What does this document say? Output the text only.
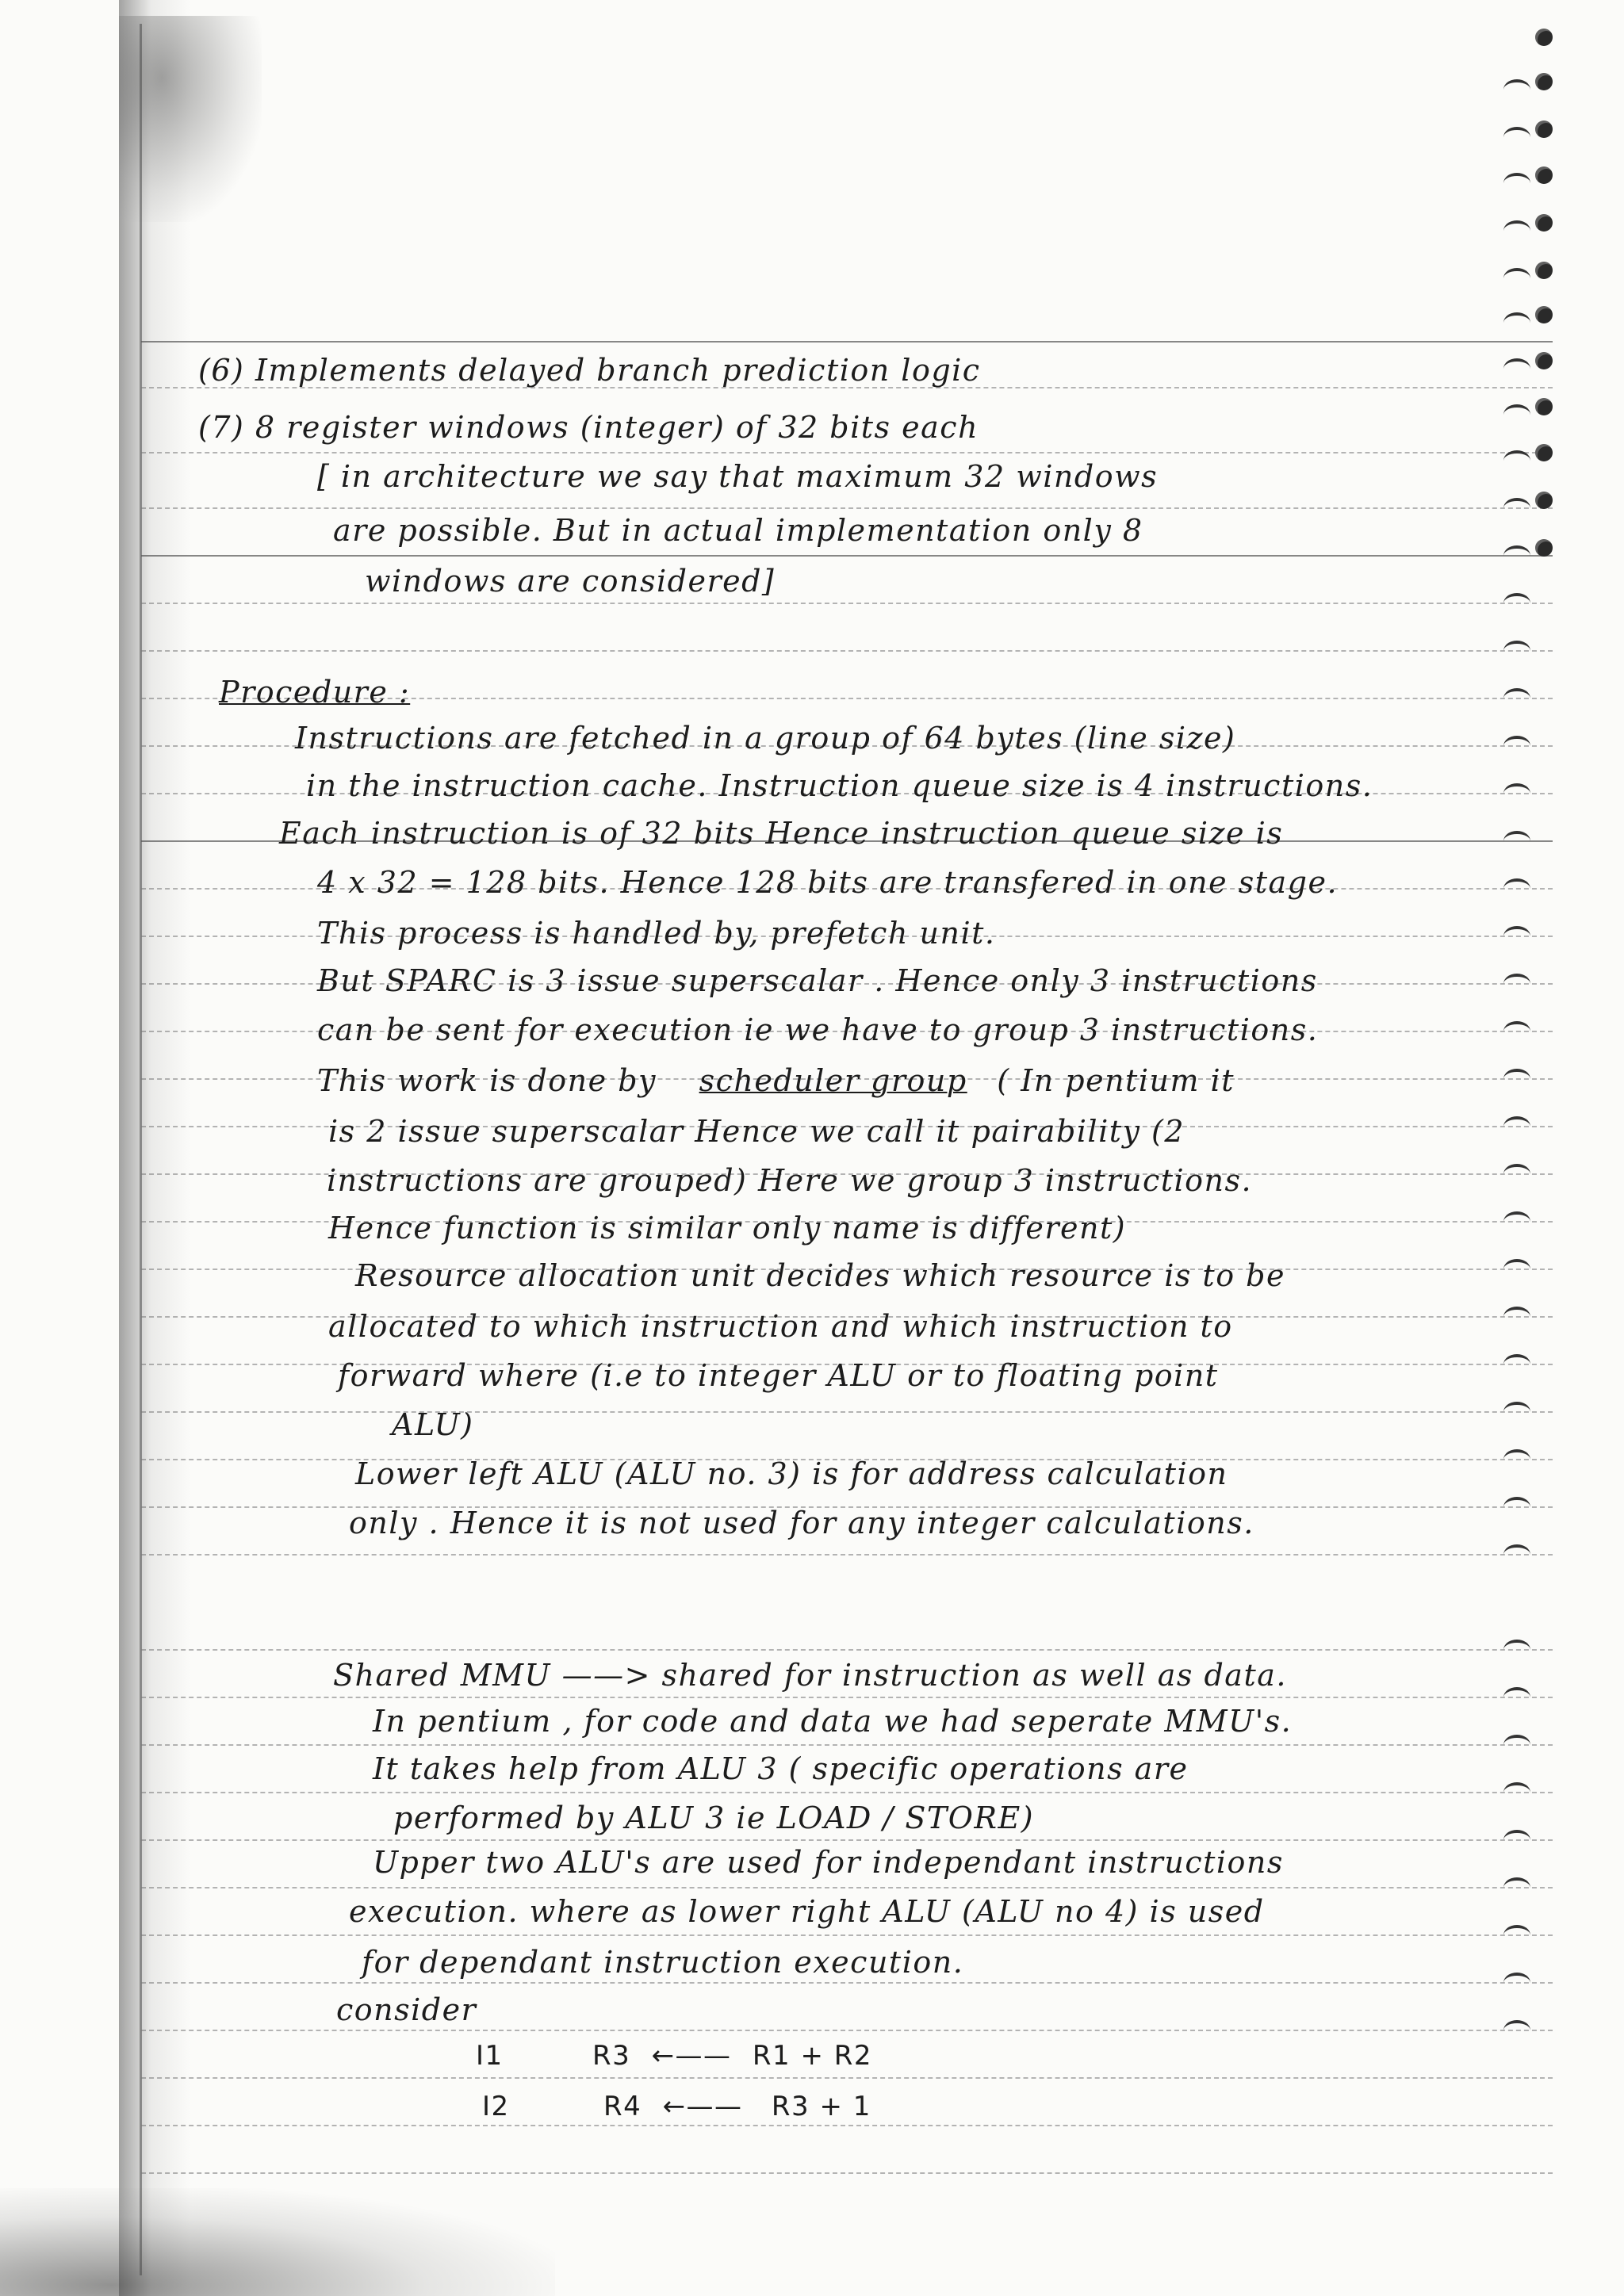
(6) Implements delayed branch prediction logic
(7) 8 register windows (integer) of 32 bits each
[ in architecture we say that maximum 32 windows
are possible. But in actual implementation only 8
windows are considered]
Procedure :
Instructions are fetched in a group of 64 bytes (line size)
in the instruction cache. Instruction queue size is 4 instructions.
Each instruction is of 32 bits Hence instruction queue size is
4 x 32 = 128 bits. Hence 128 bits are transfered in one stage.
This process is handled by, prefetch unit.
But SPARC is 3 issue superscalar . Hence only 3 instructions
can be sent for execution ie we have to group 3 instructions.
This work is done by scheduler group ( In pentium it
is 2 issue superscalar Hence we call it pairability (2
instructions are grouped) Here we group 3 instructions.
Hence function is similar only name is different)
Resource allocation unit decides which resource is to be
allocated to which instruction and which instruction to
forward where (i.e to integer ALU or to floating point
ALU)
Lower left ALU (ALU no. 3) is for address calculation
only . Hence it is not used for any integer calculations.
Shared MMU ——> shared for instruction as well as data.
In pentium , for code and data we had seperate MMU's.
It takes help from ALU 3 ( specific operations are
performed by ALU 3 ie LOAD / STORE)
Upper two ALU's are used for independant instructions
execution. where as lower right ALU (ALU no 4) is used
for dependant instruction execution.
consider
I1	R3 ←—— R1 + R2
I2	R4 ←—— R3 + 1
